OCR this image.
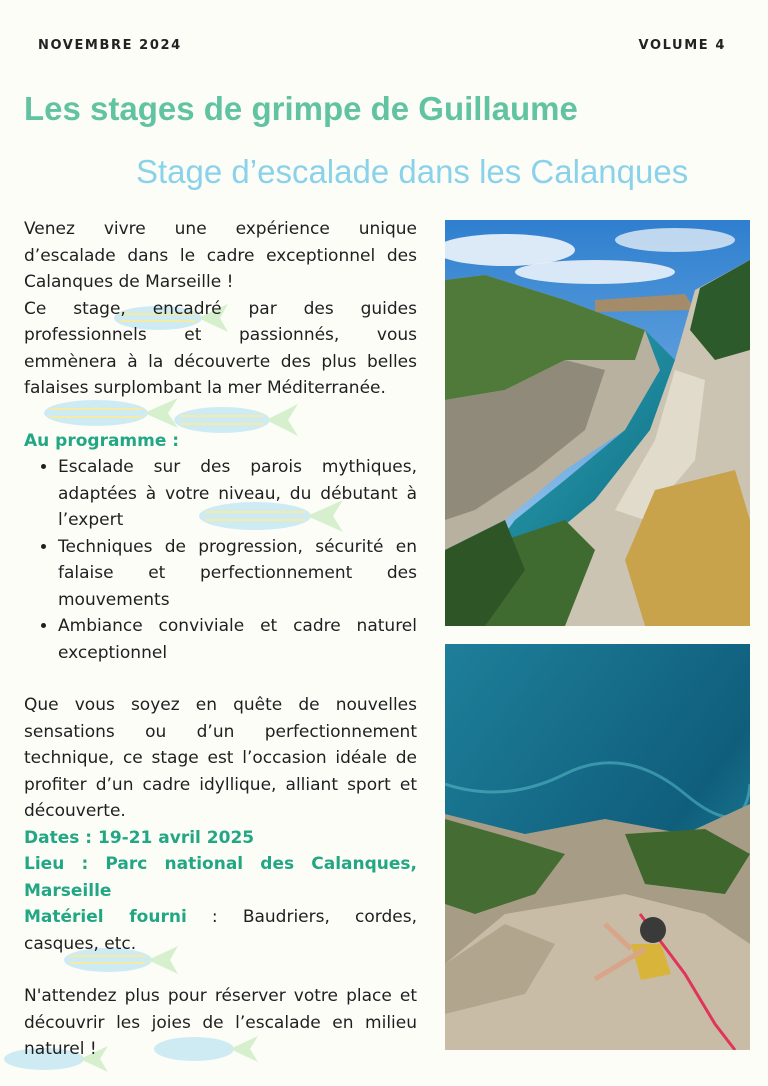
NOVEMBRE 2024	VOLUME 4
Les stages de grimpe de Guillaume
Stage d’escalade dans les Calanques

Venez vivre une expérience unique d’escalade dans le cadre exceptionnel des Calanques de Marseille !

Ce stage, encadré par des guides professionnels et passionnés, vous emmènera à la découverte des plus belles falaises surplombant la mer Méditerranée.

Au programme :

• Escalade sur des parois mythiques, adaptées à votre niveau, du débutant à l’expert
• Techniques de progression, sécurité en falaise et perfectionnement des mouvements
• Ambiance conviviale et cadre naturel exceptionnel

Que vous soyez en quête de nouvelles sensations ou d’un perfectionnement technique, ce stage est l’occasion idéale de profiter d’un cadre idyllique, alliant sport et découverte.

Dates : 19-21 avril 2025

Lieu : Parc national des Calanques, Marseille

Matériel fourni : Baudriers, cordes, casques, etc.

N'attendez plus pour réserver votre place et découvrir les joies de l’escalade en milieu naturel !
